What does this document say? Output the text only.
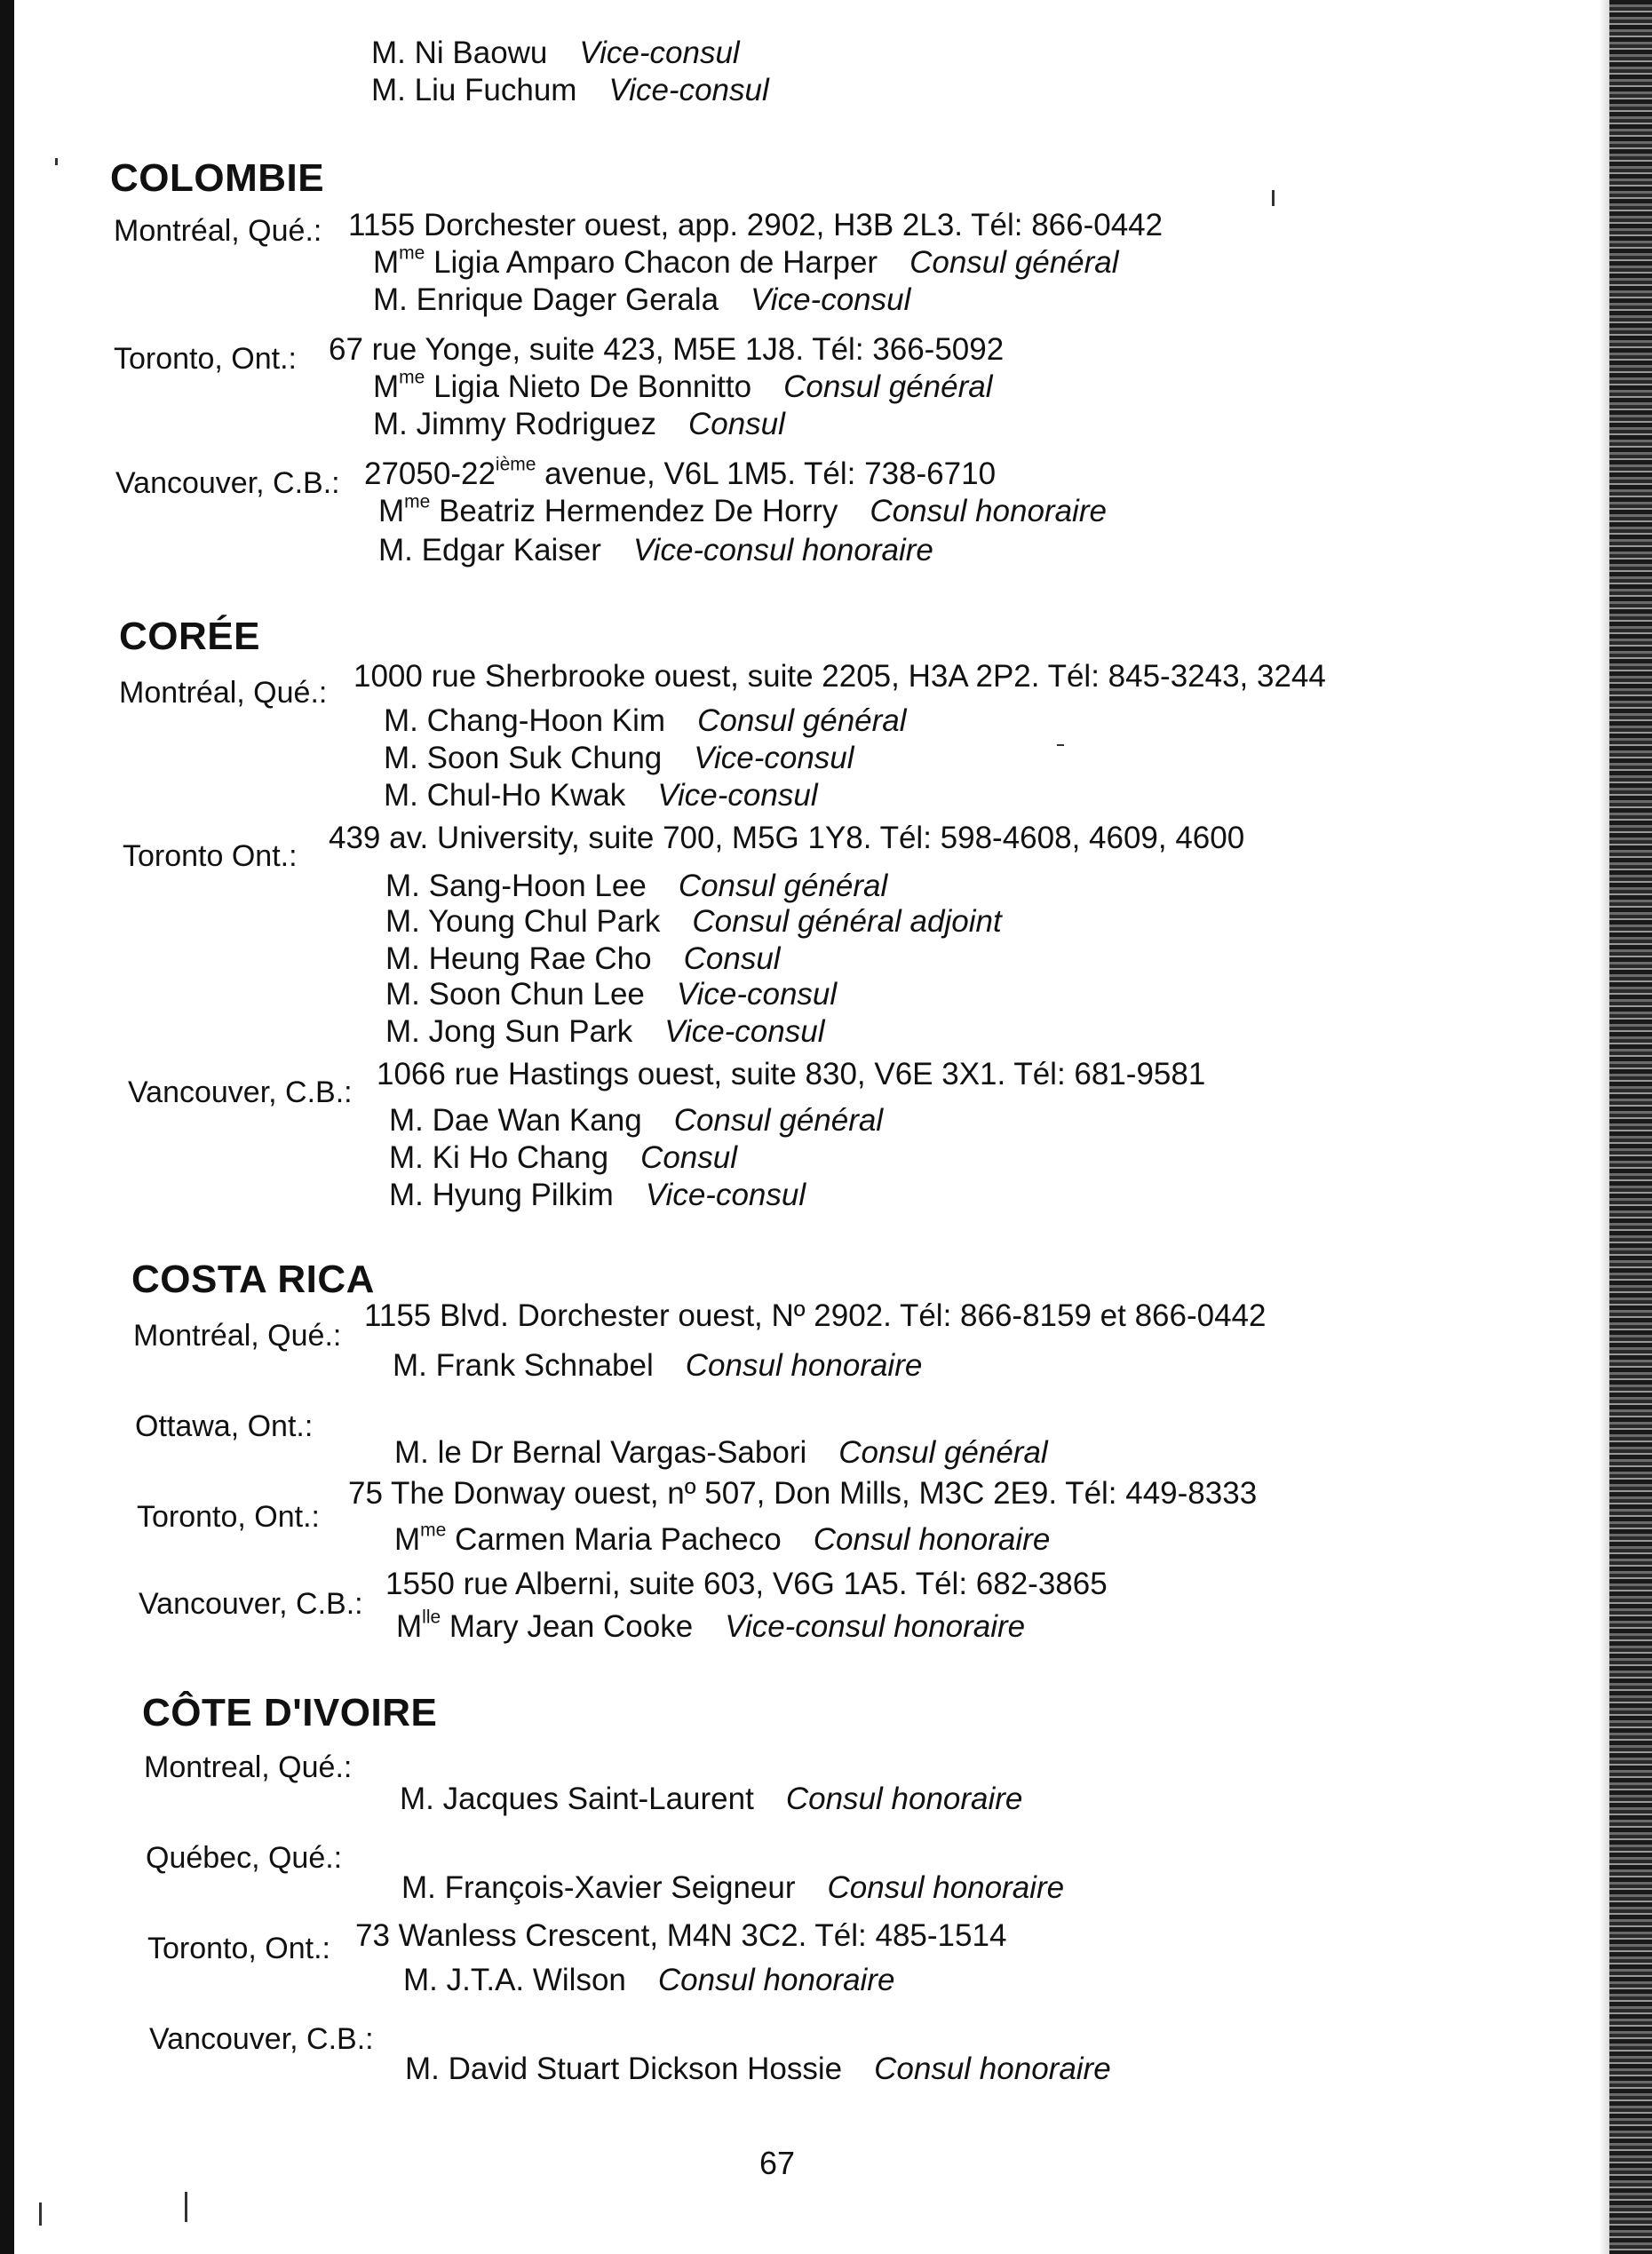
M. Ni Baowu Vice-consul
M. Liu Fuchum Vice-consul
COLOMBIE
Montréal, Qué.: 1155 Dorchester ouest, app. 2902, H3B 2L3. Tél: 866-0442
$M^{me}$ Ligia Amparo Chacon de Harper Consul général
M. Enrique Dager Gerala Vice-consul
Toronto, Ont.: 67 rue Yonge, suite 423, M5E 1J8. Tél: 366-5092
$M^{me}$ Ligia Nieto De Bonnitto Consul général
M. Jimmy Rodriguez Consul
Vancouver, C.B.: 27050-22ième avenue, V6L 1M5. Tél: 738-6710
$M^{me}$ Beatriz Hermendez De Horry Consul honoraire
M. Edgar Kaiser Vice-consul honoraire
CORÉE
Montréal, Qué.: 1000 rue Sherbrooke ouest, suite 2205, H3A 2P2. Tél: 845-3243, 3244
M. Chang-Hoon Kim Consul général
M. Soon Suk Chung Vice-consul
M. Chul-Ho Kwak Vice-consul
Toronto Ont.:
439 av. University, suite 700, M5G 1Y8. Tél: 598-4608, 4609, 4600
M. Sang-Hoon Lee Consul général
M. Young Chul Park Consul général adjoint
M. Heung Rae Cho Consul
M. Soon Chun Lee Vice-consul
M. Jong Sun Park Vice-consul
Vancouver, C.B.:
1066 rue Hastings ouest, suite 830, V6E 3X1. Tél: 681-9581
M. Dae Wan Kang Consul général
M. Ki Ho Chang Consul
M. Hyung Pilkim Vice-consul
COSTA RICA
Montréal, Qué.:
1155 Blvd. Dorchester ouest, Nº 2902. Tél: 866-8159 et 866-0442
M. Frank Schnabel Consul honoraire
Ottawa, Ont.:
M. le Dr Bernal Vargas-Sabori Consul général
Toronto, Ont.:
75 The Donway ouest, nº 507, Don Mills, M3C 2E9. Tél: 449-8333
$M^{me}$ Carmen Maria Pacheco Consul honoraire
Vancouver, C.B.:
1550 rue Alberni, suite 603, V6G 1A5. Tél: 682-3865
$M^{lle}$ Mary Jean Cooke Vice-consul honoraire
CÔTE D'IVOIRE
Montreal, Qué.:
M. Jacques Saint-Laurent Consul honoraire
Québec, Qué.:
M. François-Xavier Seigneur Consul honoraire
Toronto, Ont.: 73 Wanless Crescent, M4N 3C2. Tél: 485-1514
M. J.T.A. Wilson Consul honoraire
Vancouver, C.B.:
M. David Stuart Dickson Hossie Consul honoraire
67
